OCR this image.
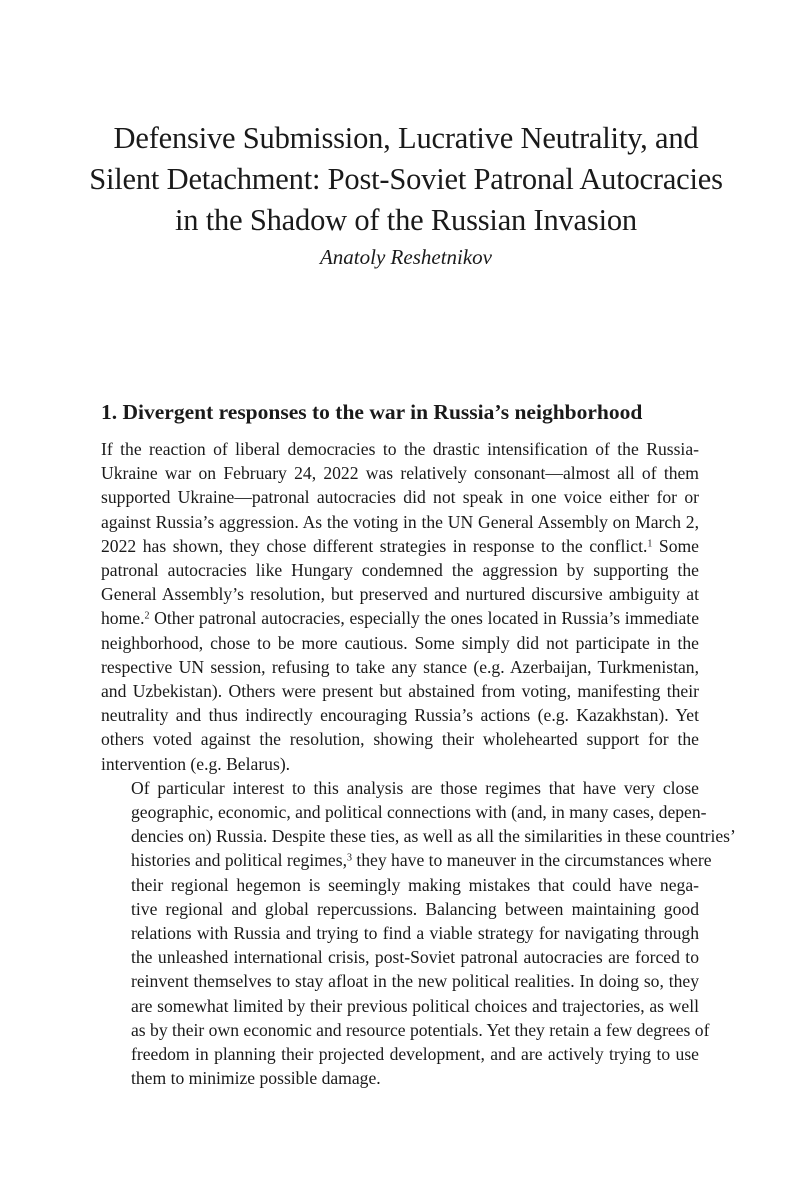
Defensive Submission, Lucrative Neutrality, and

Silent Detachment: Post-Soviet Patronal Autocracies

in the Shadow of the Russian Invasion

Anatoly Reshetnikov
1. Divergent responses to the war in Russia’s neighborhood

If the reaction of liberal democracies to the drastic intensification of the Russia-
Ukraine war on February 24, 2022 was relatively consonant—almost all of them
supported Ukraine—patronal autocracies did not speak in one voice either for or
against Russia’s aggression. As the voting in the UN General Assembly on March 2,
2022 has shown, they chose different strategies in response to the conflict.$^1$ Some
patronal autocracies like Hungary condemned the aggression by supporting the
General Assembly’s resolution, but preserved and nurtured discursive ambiguity at
home.$^2$ Other patronal autocracies, especially the ones located in Russia’s immediate
neighborhood, chose to be more cautious. Some simply did not participate in the
respective UN session, refusing to take any stance (e.g. Azerbaijan, Turkmenistan,
and Uzbekistan). Others were present but abstained from voting, manifesting their
neutrality and thus indirectly encouraging Russia’s actions (e.g. Kazakhstan). Yet
others voted against the resolution, showing their wholehearted support for the
intervention (e.g. Belarus).

Of particular interest to this analysis are those regimes that have very close
geographic, economic, and political connections with (and, in many cases, depen-
dencies on) Russia. Despite these ties, as well as all the similarities in these countries’
histories and political regimes,$^3$ they have to maneuver in the circumstances where
their regional hegemon is seemingly making mistakes that could have nega-
tive regional and global repercussions. Balancing between maintaining good
relations with Russia and trying to find a viable strategy for navigating through
the unleashed international crisis, post-Soviet patronal autocracies are forced to
reinvent themselves to stay afloat in the new political realities. In doing so, they
are somewhat limited by their previous political choices and trajectories, as well
as by their own economic and resource potentials. Yet they retain a few degrees of
freedom in planning their projected development, and are actively trying to use
them to minimize possible damage.
